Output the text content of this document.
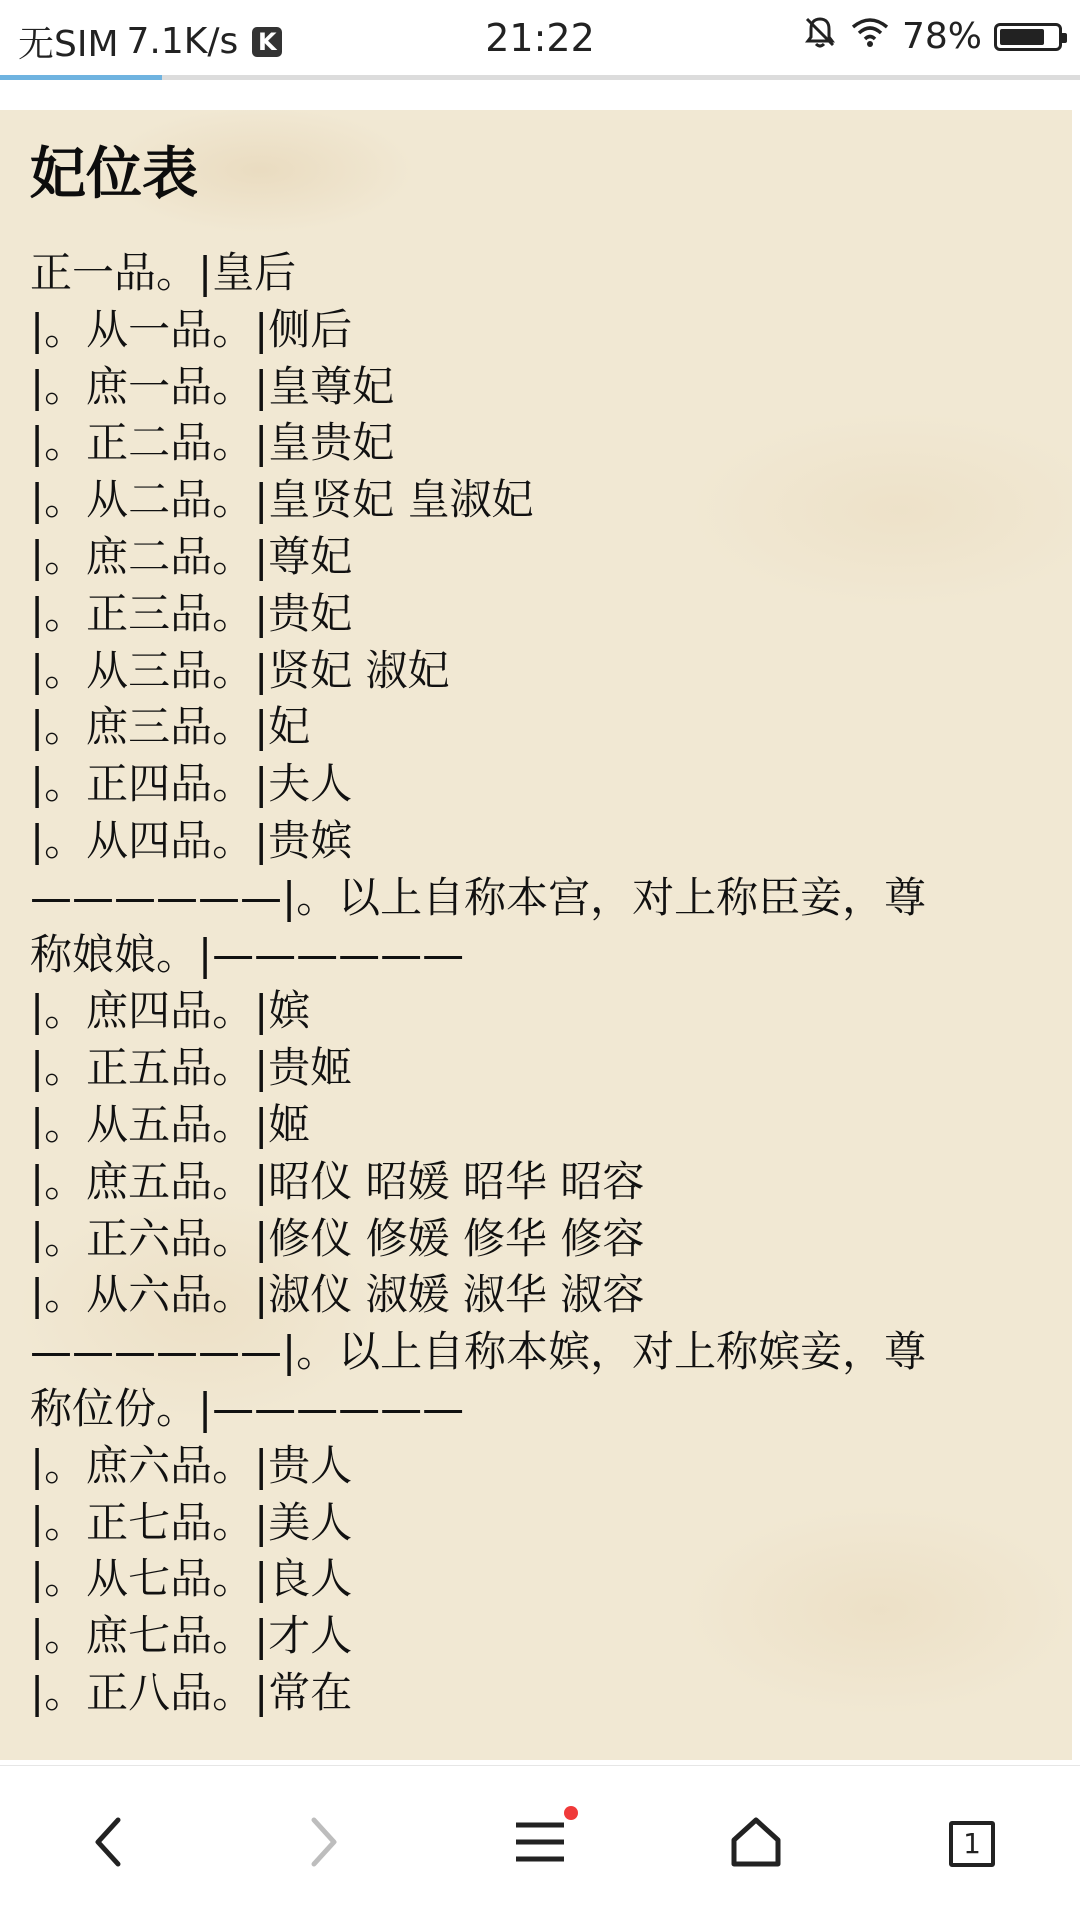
无SIM 7.1K/s K	21:22	78%
妃位表
正一品。|皇后
|。从一品。|侧后
|。庶一品。|皇尊妃
|。正二品。|皇贵妃
|。从二品。|皇贤妃 皇淑妃
|。庶二品。|尊妃
|。正三品。|贵妃
|。从三品。|贤妃 淑妃
|。庶三品。|妃
|。正四品。|夫人
|。从四品。|贵嫔
——————|。以上自称本宫，对上称臣妾，尊
称娘娘。|——————
|。庶四品。|嫔
|。正五品。|贵姬
|。从五品。|姬
|。庶五品。|昭仪 昭媛 昭华 昭容
|。正六品。|修仪 修媛 修华 修容
|。从六品。|淑仪 淑媛 淑华 淑容
——————|。以上自称本嫔，对上称嫔妾，尊
称位份。|——————
|。庶六品。|贵人
|。正七品。|美人
|。从七品。|良人
|。庶七品。|才人
|。正八品。|常在
1
